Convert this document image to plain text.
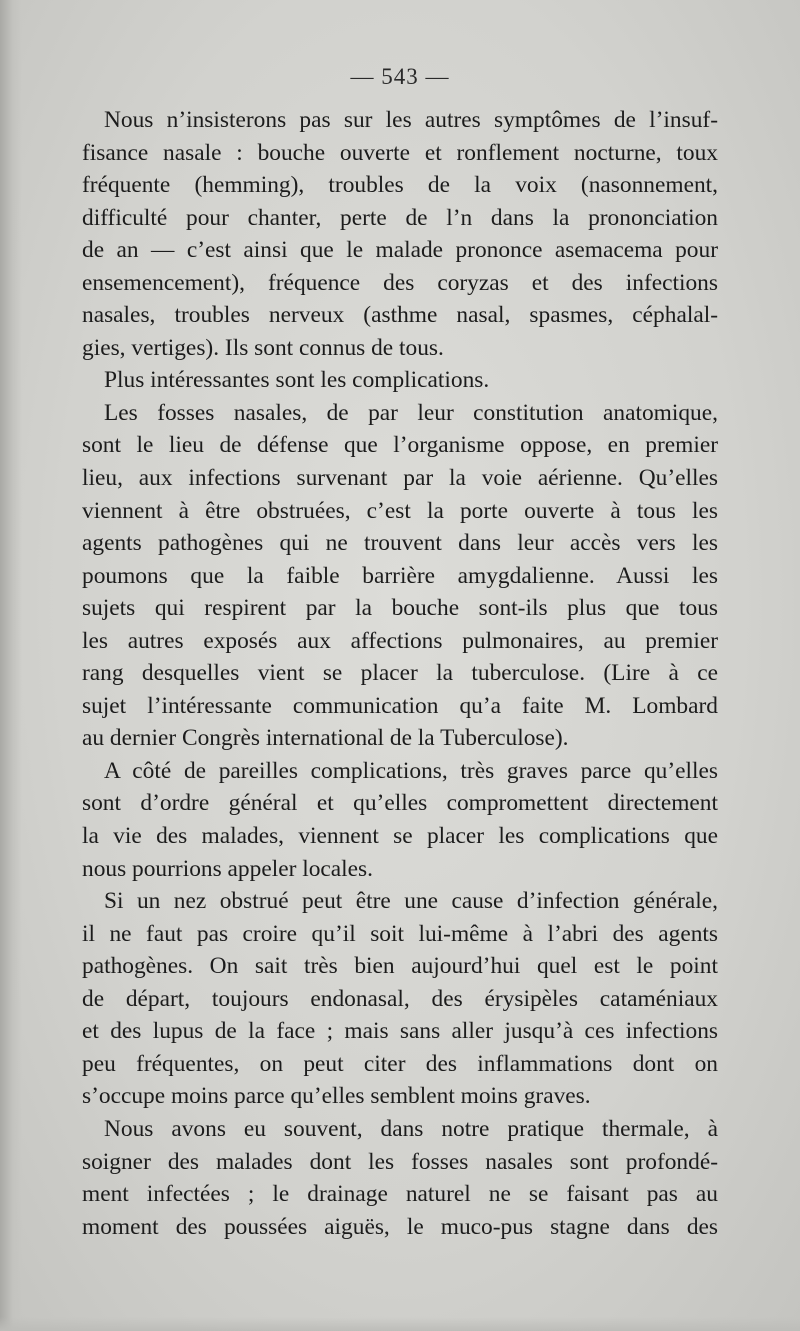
— 543 —
Nous n’insisterons pas sur les autres symptômes de l’insuf-
fisance nasale : bouche ouverte et ronflement nocturne, toux
fréquente (hemming), troubles de la voix (nasonnement,
difficulté pour chanter, perte de l’n dans la prononciation
de an — c’est ainsi que le malade prononce asemacema pour
ensemencement), fréquence des coryzas et des infections
nasales, troubles nerveux (asthme nasal, spasmes, céphalal-
gies, vertiges). Ils sont connus de tous.
Plus intéressantes sont les complications.
Les fosses nasales, de par leur constitution anatomique,
sont le lieu de défense que l’organisme oppose, en premier
lieu, aux infections survenant par la voie aérienne. Qu’elles
viennent à être obstruées, c’est la porte ouverte à tous les
agents pathogènes qui ne trouvent dans leur accès vers les
poumons que la faible barrière amygdalienne. Aussi les
sujets qui respirent par la bouche sont-ils plus que tous
les autres exposés aux affections pulmonaires, au premier
rang desquelles vient se placer la tuberculose. (Lire à ce
sujet l’intéressante communication qu’a faite M. Lombard
au dernier Congrès international de la Tuberculose).
A côté de pareilles complications, très graves parce qu’elles
sont d’ordre général et qu’elles compromettent directement
la vie des malades, viennent se placer les complications que
nous pourrions appeler locales.
Si un nez obstrué peut être une cause d’infection générale,
il ne faut pas croire qu’il soit lui-même à l’abri des agents
pathogènes. On sait très bien aujourd’hui quel est le point
de départ, toujours endonasal, des érysipèles cataméniaux
et des lupus de la face ; mais sans aller jusqu’à ces infections
peu fréquentes, on peut citer des inflammations dont on
s’occupe moins parce qu’elles semblent moins graves.
Nous avons eu souvent, dans notre pratique thermale, à
soigner des malades dont les fosses nasales sont profondé-
ment infectées ; le drainage naturel ne se faisant pas au
moment des poussées aiguës, le muco-pus stagne dans des
